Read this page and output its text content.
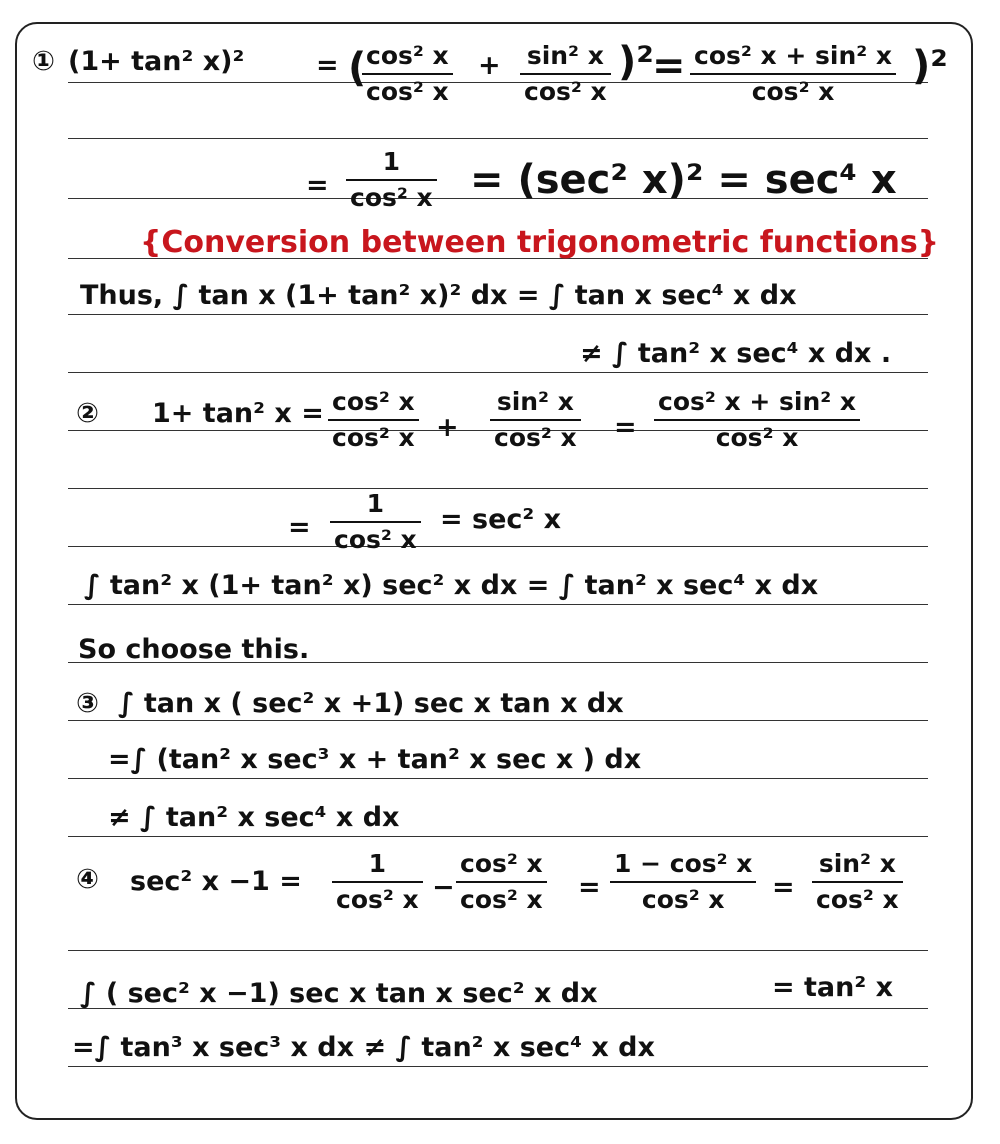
① (1+ tan² x)²	= ( cos² x
cos² x
+ sin² x
cos² x
)²
= cos² x + sin² x
cos² x
)²
=
1
cos² x = (sec² x)² = sec⁴ x
{Conversion between trigonometric functions}
Thus, ∫ tan x (1+ tan² x)² dx = ∫ tan x sec⁴ x dx
≠ ∫ tan² x sec⁴ x dx .
② 1+ tan² x = cos² x
cos² x +
sin² x
cos² x =
cos² x + sin² x
cos² x
=
1
cos² x
= sec² x
∫ tan² x (1+ tan² x) sec² x dx = ∫ tan² x sec⁴ x dx
So choose this.
③ ∫ tan x ( sec² x +1) sec x tan x dx
=∫ (tan² x sec³ x + tan² x sec x ) dx
≠ ∫ tan² x sec⁴ x dx
④ sec² x −1 =
1
cos² x −
cos² x
cos² x =
1 − cos² x
cos² x	=
sin² x
cos² x
∫ ( sec² x −1) sec x tan x sec² x dx	= tan² x
=∫ tan³ x sec³ x dx ≠ ∫ tan² x sec⁴ x dx
